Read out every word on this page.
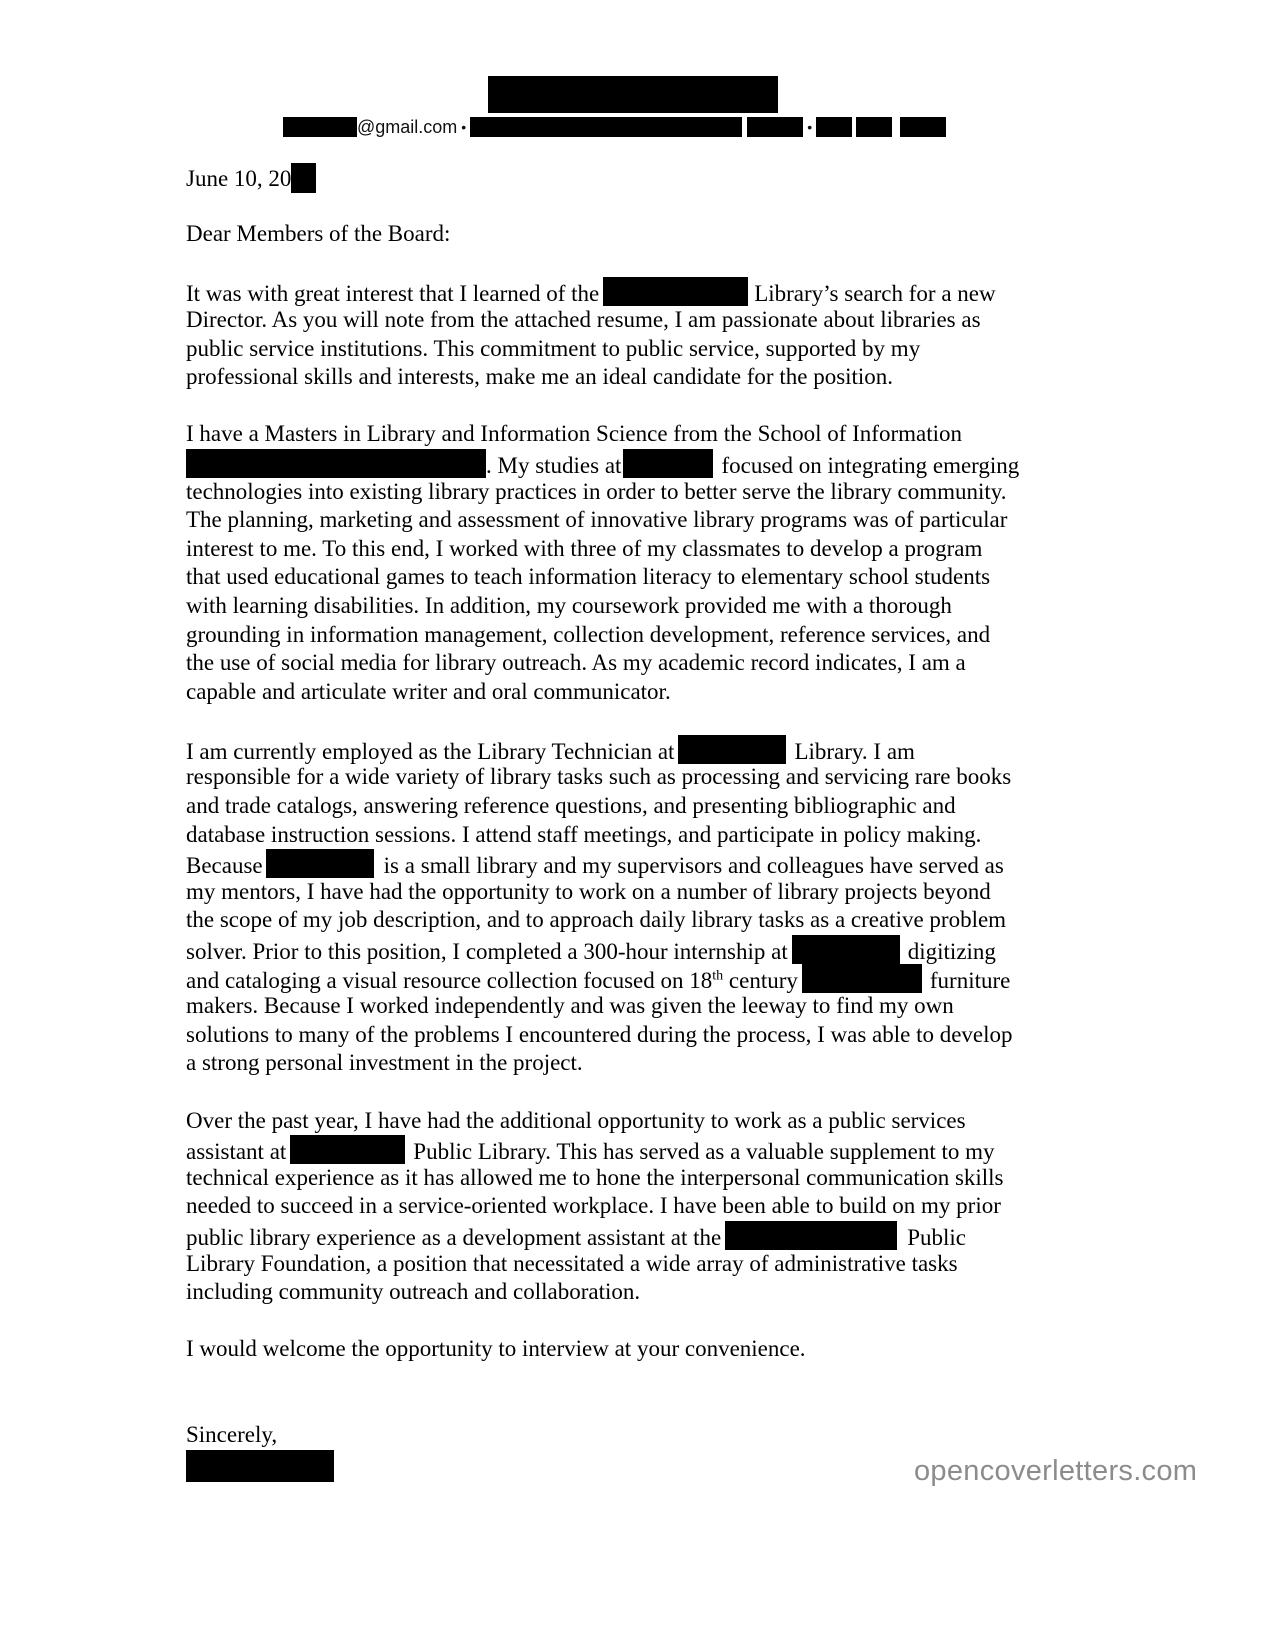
@gmail.com •	•
June 10, 20
Dear Members of the Board:
It was with great interest that I learned of the	Library’s search for a new
Director. As you will note from the attached resume, I am passionate about libraries as
public service institutions. This commitment to public service, supported by my
professional skills and interests, make me an ideal candidate for the position.
I have a Masters in Library and Information Science from the School of Information
. My studies at	focused on integrating emerging
technologies into existing library practices in order to better serve the library community.
The planning, marketing and assessment of innovative library programs was of particular
interest to me. To this end, I worked with three of my classmates to develop a program
that used educational games to teach information literacy to elementary school students
with learning disabilities. In addition, my coursework provided me with a thorough
grounding in information management, collection development, reference services, and
the use of social media for library outreach. As my academic record indicates, I am a
capable and articulate writer and oral communicator.
I am currently employed as the Library Technician at	Library. I am
responsible for a wide variety of library tasks such as processing and servicing rare books
and trade catalogs, answering reference questions, and presenting bibliographic and
database instruction sessions. I attend staff meetings, and participate in policy making.
Because	is a small library and my supervisors and colleagues have served as
my mentors, I have had the opportunity to work on a number of library projects beyond
the scope of my job description, and to approach daily library tasks as a creative problem
solver. Prior to this position, I completed a 300-hour internship at	digitizing
and cataloging a visual resource collection focused on 18th century	furniture
makers. Because I worked independently and was given the leeway to find my own
solutions to many of the problems I encountered during the process, I was able to develop
a strong personal investment in the project.
Over the past year, I have had the additional opportunity to work as a public services
assistant at	Public Library. This has served as a valuable supplement to my
technical experience as it has allowed me to hone the interpersonal communication skills
needed to succeed in a service-oriented workplace. I have been able to build on my prior
public library experience as a development assistant at the	Public
Library Foundation, a position that necessitated a wide array of administrative tasks
including community outreach and collaboration.
I would welcome the opportunity to interview at your convenience.
Sincerely,
opencoverletters.com
